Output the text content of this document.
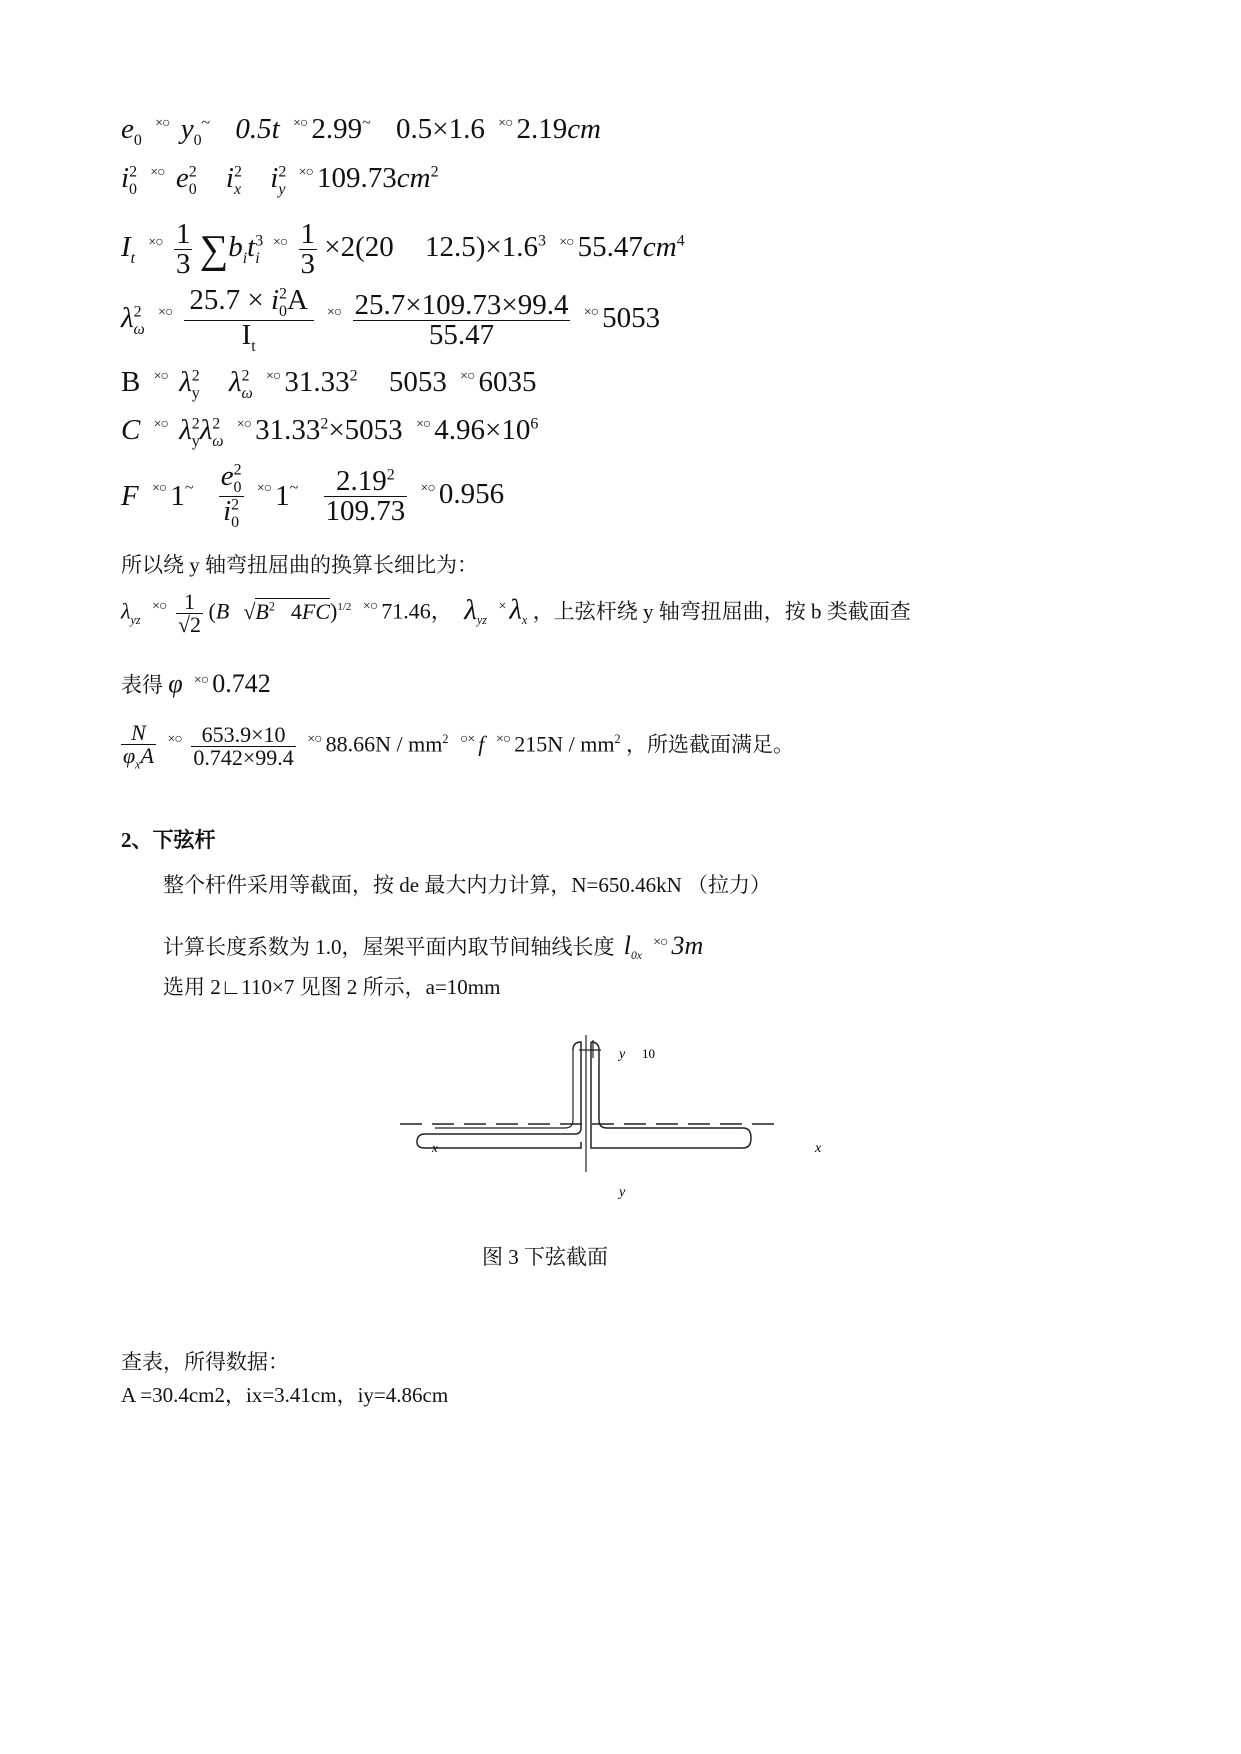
$e_0$ ×○ $y_0^\sim$ 0.5t ×○ 2.99~ 0.5×1.6 ×○ 2.19cm
$i^2_0$ ×○ $e^2_0$ $i^2_x$ $i^2_y$ ×○ $109.73cm^2$
$I_t$ $^{\times○} \frac{1}{3} \sum b_it^3_i$ $^{\times○} \frac{1}{3} \times 2(20$ $12.5)\times 1.6^3$ ×○ $55.47cm^4$
$\lambda^2_\omega$ $^{\times○} \frac{25.7 \times i^2_0A}{I_t} ^{\times○} \frac{25.7\times 109.73\times 99.4}{55.47} ^{\times○}$ 5053
B ×○ $\lambda^2_y$ $\lambda^2_\omega$ ×○ 31.33$^2$ 5053 ×○ 6035
C ×○ $\lambda^2_y\lambda^2_\omega$ ×○ $31.33^2\times 5053$ ×○ $4.96\times 10^6$
F ×○ $1^\sim \frac{e^2_0}{i^2_0} ^{\times○}$ $1^\sim \frac{2.19^2}{109.73} ^{\times○}$ 0.956
所以绕 y 轴弯扭屈曲的换算长细比为：
$\lambda_{yz}$ $^{\times○} \frac{1}{√2} (B$ $√B^2$ 4FC)$^{1/2}$ ×○ 71.46， $\lambda_{yz}$ × $\lambda_x$ ，上弦杆绕 y 轴弯扭屈曲，按 b 类截面查
表得 φ ×○ 0.742
$\frac{N}{\varphi_xA} ^{\times○} \frac{653.9\times 10}{0.742\times 99.4} ^{\times○}$ $88.66N / mm^2$ ○× f ×○ $215N / mm^2$ ，所选截面满足。
2、下弦杆
整个杆件采用等截面，按 de 最大内力计算，N=650.46kN （拉力）
计算长度系数为 1.0，屋架平面内取节间轴线长度 $l_{0x}$ ×○ 3m
选用 2∟110×7 见图 2 所示，a=10mm
y 10
x	x
y
图 3 下弦截面
查表，所得数据：
A =30.4cm2，ix=3.41cm，iy=4.86cm
